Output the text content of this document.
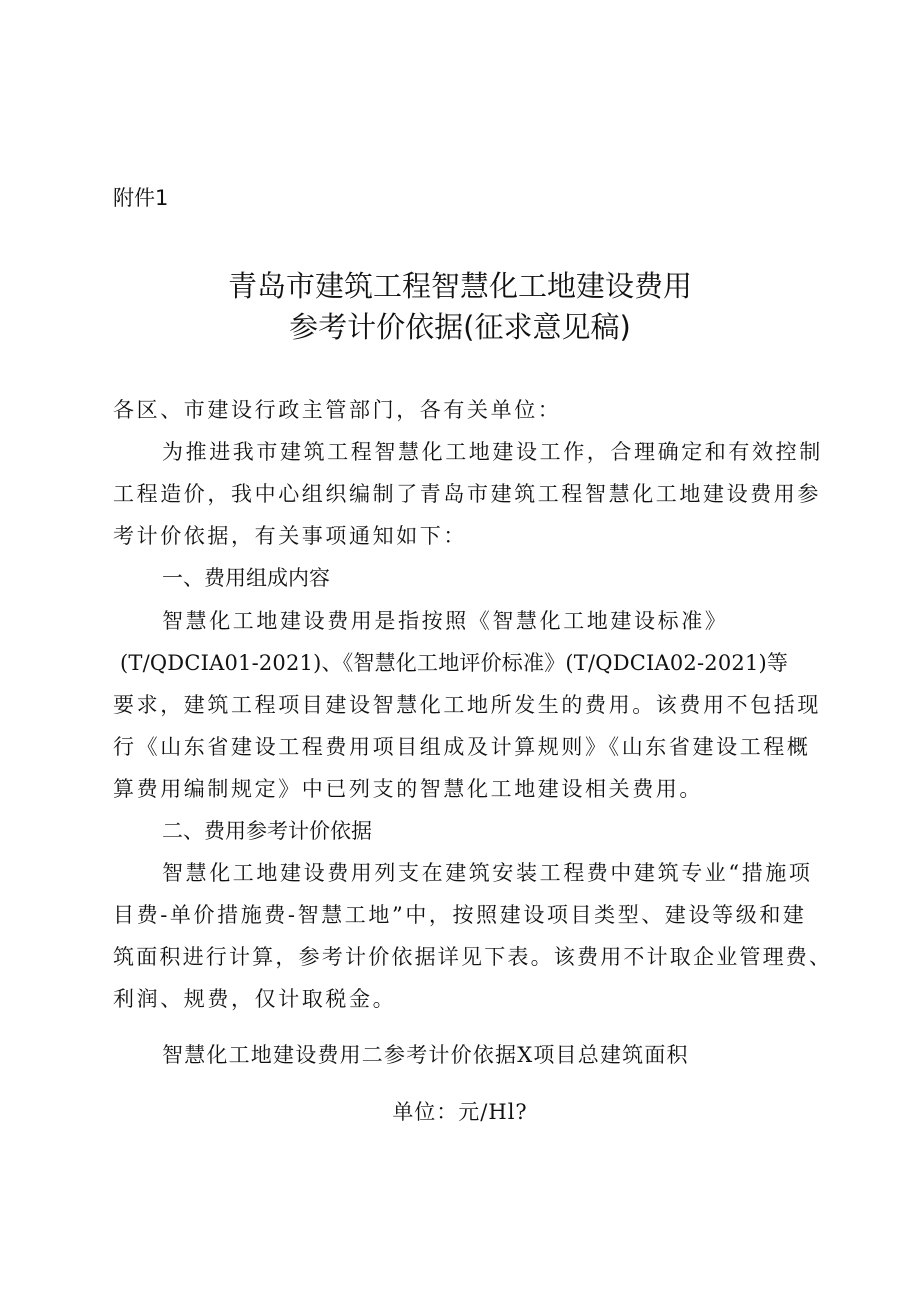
附件1
青岛市建筑工程智慧化工地建设费用
参考计价依据(征求意见稿)
各区、市建设行政主管部门，各有关单位：
为推进我市建筑工程智慧化工地建设工作，合理确定和有效控制
工程造价，我中心组织编制了青岛市建筑工程智慧化工地建设费用参
考计价依据，有关事项通知如下：
一、费用组成内容
智慧化工地建设费用是指按照《智慧化工地建设标准》
(T/QDCIA01-2021)、《智慧化工地评价标准》(T/QDCIA02-2021)等
要求，建筑工程项目建设智慧化工地所发生的费用。该费用不包括现
行《山东省建设工程费用项目组成及计算规则》《山东省建设工程概
算费用编制规定》中已列支的智慧化工地建设相关费用。
二、费用参考计价依据
智慧化工地建设费用列支在建筑安装工程费中建筑专业“措施项
目费-单价措施费-智慧工地”中，按照建设项目类型、建设等级和建
筑面积进行计算，参考计价依据详见下表。该费用不计取企业管理费、
利润、规费，仅计取税金。
智慧化工地建设费用二参考计价依据X项目总建筑面积
单位：元/Hl?
